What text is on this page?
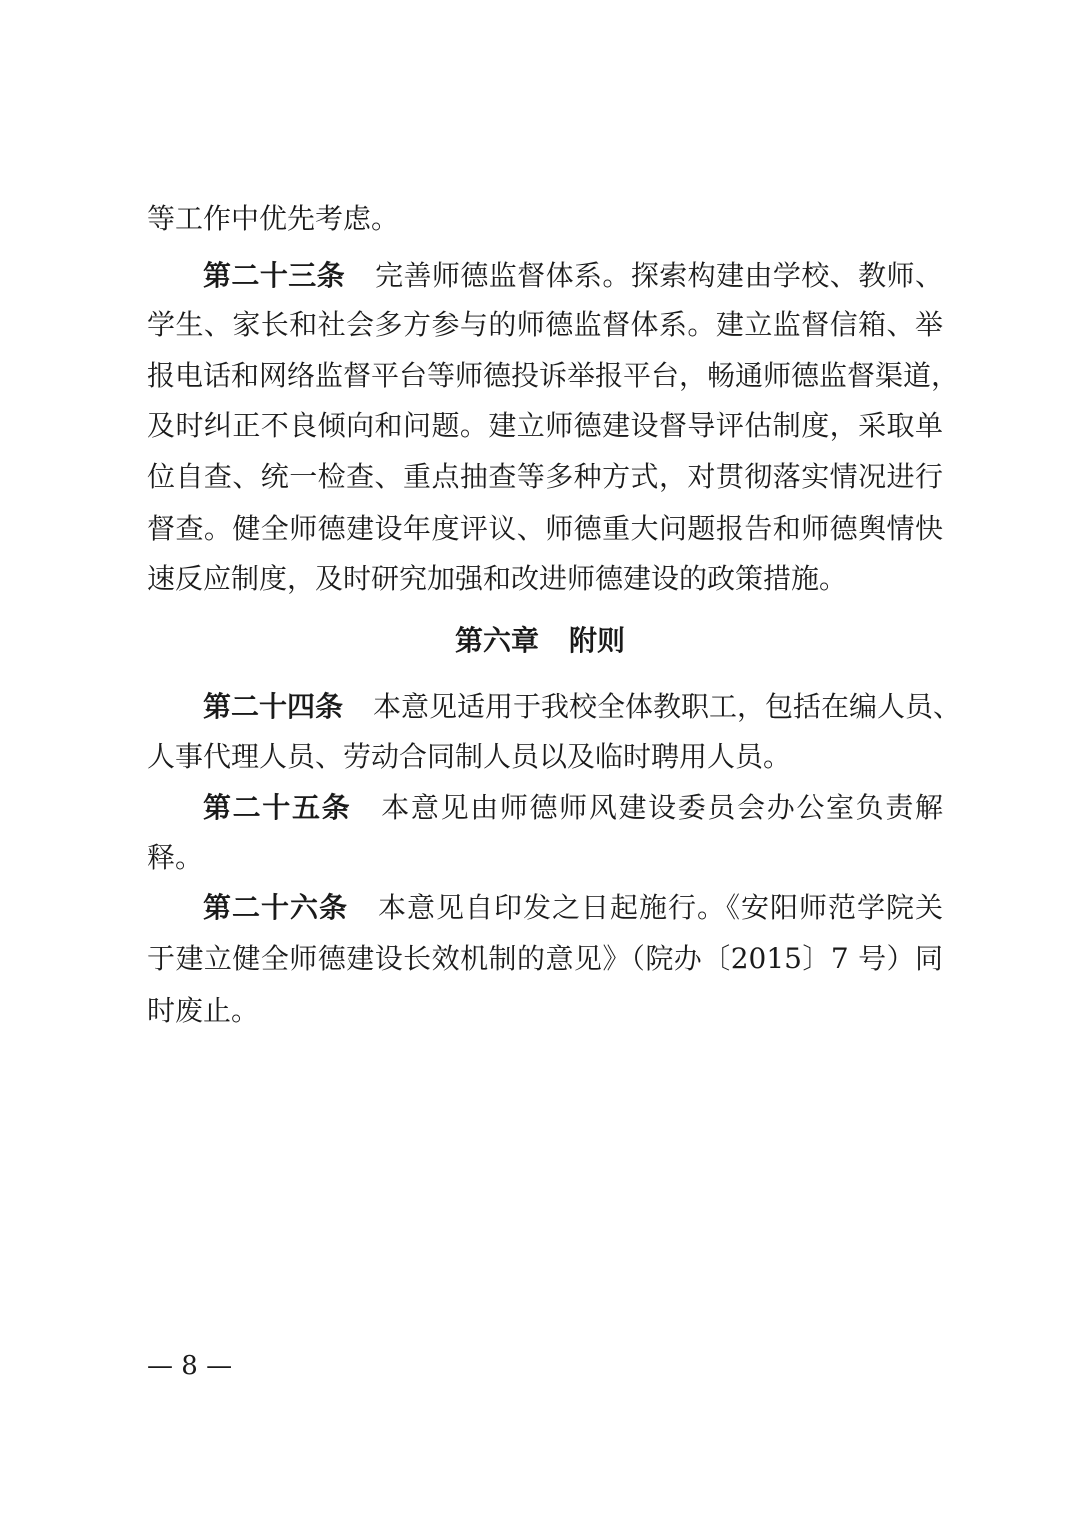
等工作中优先考虑。
第二十三条 完善师德监督体系。探索构建由学校、教师、
学生、家长和社会多方参与的师德监督体系。建立监督信箱、举
报电话和网络监督平台等师德投诉举报平台，畅通师德监督渠道，
及时纠正不良倾向和问题。建立师德建设督导评估制度，采取单
位自查、统一检查、重点抽查等多种方式，对贯彻落实情况进行
督查。健全师德建设年度评议、师德重大问题报告和师德舆情快
速反应制度，及时研究加强和改进师德建设的政策措施。
第六章 附则
第二十四条 本意见适用于我校全体教职工，包括在编人员、
人事代理人员、劳动合同制人员以及临时聘用人员。
第二十五条 本意见由师德师风建设委员会办公室负责解
释。
第二十六条 本意见自印发之日起施行。《安阳师范学院关
于建立健全师德建设长效机制的意见》（院办〔2015〕7 号）同
时废止。
— 8 —
